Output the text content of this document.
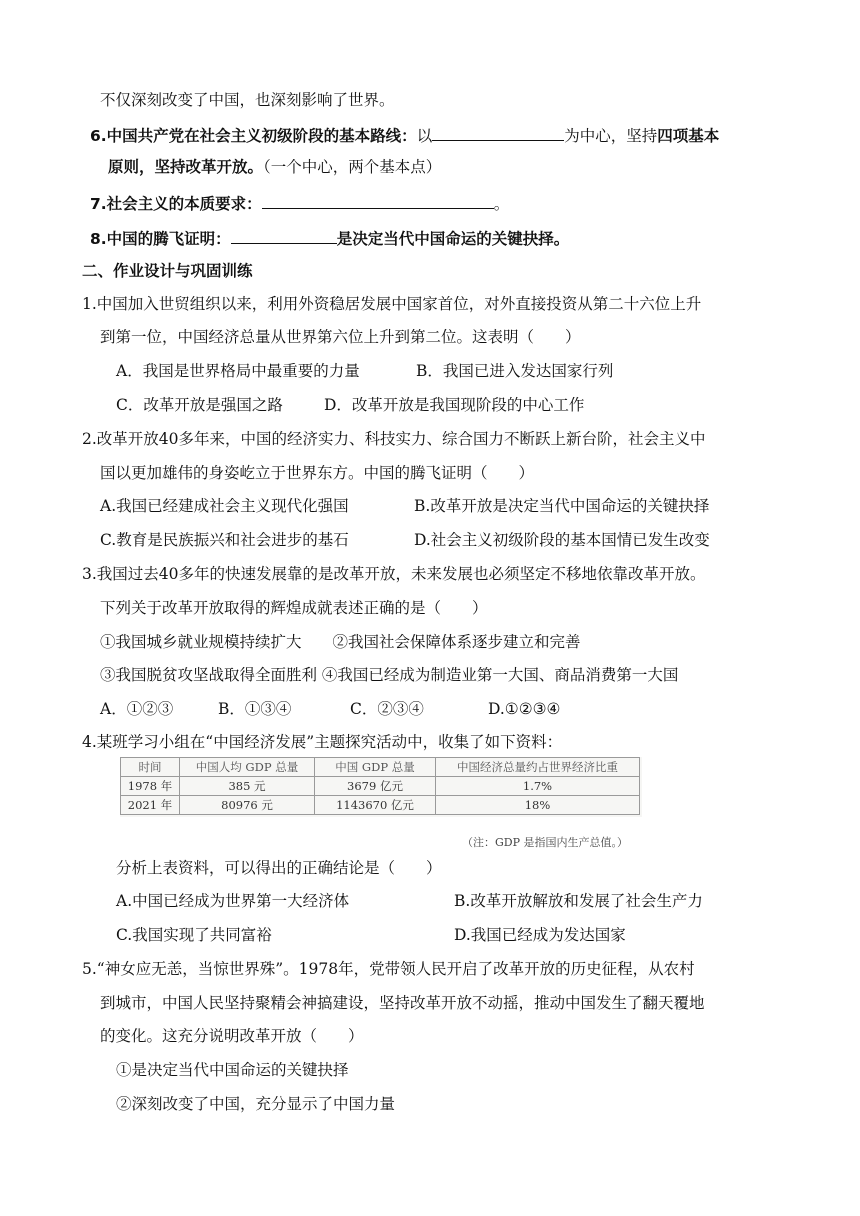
不仅深刻改变了中国，也深刻影响了世界。
6.中国共产党在社会主义初级阶段的基本路线：以	为中心，坚持四项基本
原则，坚持改革开放。（一个中心，两个基本点）
7.社会主义的本质要求：	。
8.中国的腾飞证明：	是决定当代中国命运的关键抉择。
二、作业设计与巩固训练
1.中国加入世贸组织以来，利用外资稳居发展中国家首位，对外直接投资从第二十六位上升
到第一位，中国经济总量从世界第六位上升到第二位。这表明（　　）
A．我国是世界格局中最重要的力量	B．我国已进入发达国家行列
C．改革开放是强国之路	D．改革开放是我国现阶段的中心工作
2.改革开放40多年来，中国的经济实力、科技实力、综合国力不断跃上新台阶，社会主义中
国以更加雄伟的身姿屹立于世界东方。中国的腾飞证明（　　）
A.我国已经建成社会主义现代化强国	B.改革开放是决定当代中国命运的关键抉择
C.教育是民族振兴和社会进步的基石	D.社会主义初级阶段的基本国情已发生改变
3.我国过去40多年的快速发展靠的是改革开放，未来发展也必须坚定不移地依靠改革开放。
下列关于改革开放取得的辉煌成就表述正确的是（　　）
①我国城乡就业规模持续扩大　　②我国社会保障体系逐步建立和完善
③我国脱贫攻坚战取得全面胜利 ④我国已经成为制造业第一大国、商品消费第一大国
A．①②③	B．①③④	C．②③④	D.①②③④
4.某班学习小组在“中国经济发展”主题探究活动中，收集了如下资料：
时间	中国人均 GDP 总量	中国 GDP 总量	中国经济总量约占世界经济比重
1978 年	385 元	3679 亿元	1.7%
2021 年	80976 元	1143670 亿元	18%
（注：GDP 是指国内生产总值。）
分析上表资料，可以得出的正确结论是（　　）
A.中国已经成为世界第一大经济体	B.改革开放解放和发展了社会生产力
C.我国实现了共同富裕	D.我国已经成为发达国家
5.“神女应无恙，当惊世界殊”。1978年，党带领人民开启了改革开放的历史征程，从农村
到城市，中国人民坚持聚精会神搞建设，坚持改革开放不动摇，推动中国发生了翻天覆地
的变化。这充分说明改革开放（　　）
①是决定当代中国命运的关键抉择
②深刻改变了中国，充分显示了中国力量
